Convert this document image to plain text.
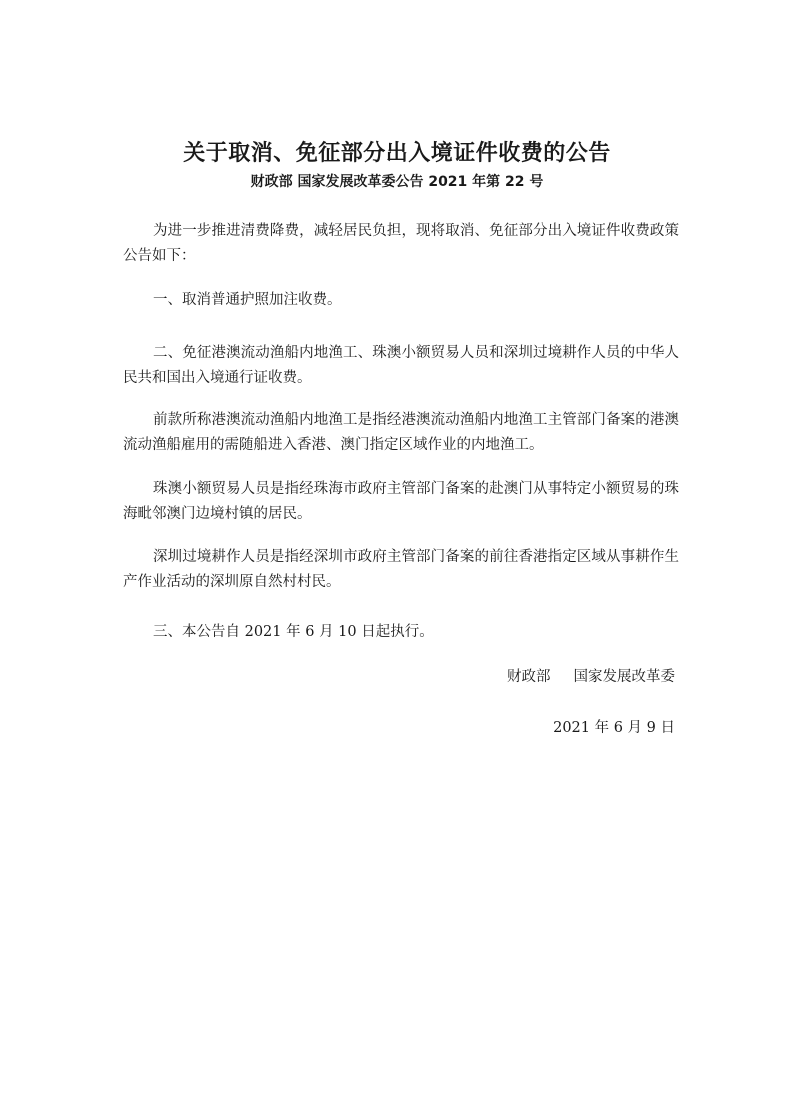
关于取消、免征部分出入境证件收费的公告

财政部 国家发展改革委公告 2021 年第 22 号

为进一步推进清费降费，减轻居民负担，现将取消、免征部分出入境证件收费政策公告如下：

一、取消普通护照加注收费。

二、免征港澳流动渔船内地渔工、珠澳小额贸易人员和深圳过境耕作人员的中华人民共和国出入境通行证收费。

前款所称港澳流动渔船内地渔工是指经港澳流动渔船内地渔工主管部门备案的港澳流动渔船雇用的需随船进入香港、澳门指定区域作业的内地渔工。

珠澳小额贸易人员是指经珠海市政府主管部门备案的赴澳门从事特定小额贸易的珠海毗邻澳门边境村镇的居民。

深圳过境耕作人员是指经深圳市政府主管部门备案的前往香港指定区域从事耕作生产作业活动的深圳原自然村村民。

三、本公告自 2021 年 6 月 10 日起执行。

财政部     国家发展改革委

2021 年 6 月 9 日
